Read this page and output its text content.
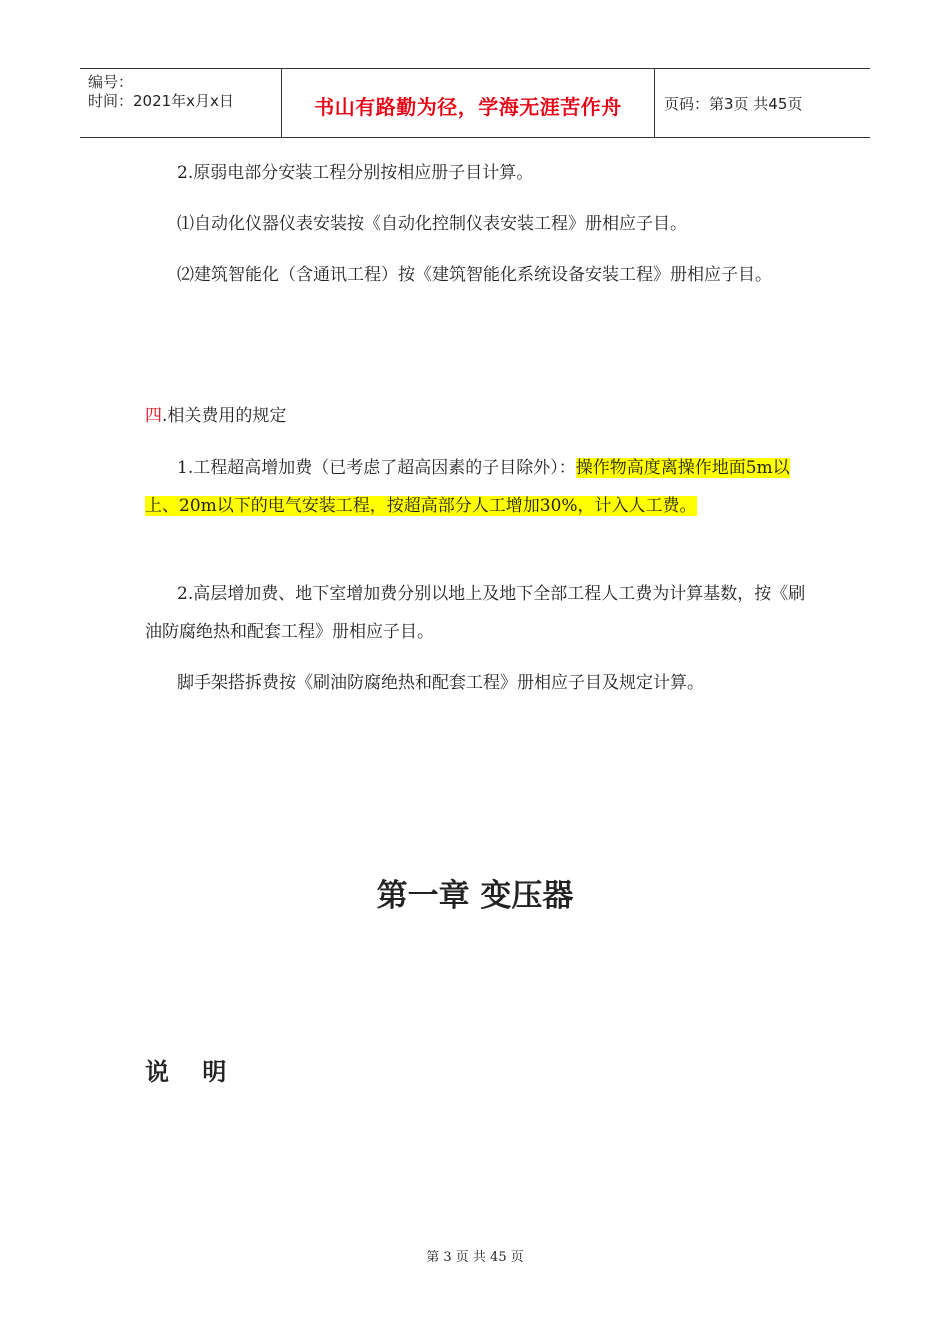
编号：
时间：2021年x月x日	书山有路勤为径，学海无涯苦作舟	页码：第3页 共45页
2.原弱电部分安装工程分别按相应册子目计算。
⑴自动化仪器仪表安装按《自动化控制仪表安装工程》册相应子目。
⑵建筑智能化（含通讯工程）按《建筑智能化系统设备安装工程》册相应子目。
四.相关费用的规定
1.工程超高增加费（已考虑了超高因素的子目除外）：操作物高度离操作地面5m以上、20m以下的电气安装工程，按超高部分人工增加30%，计入人工费。
2.高层增加费、地下室增加费分别以地上及地下全部工程人工费为计算基数，按《刷油防腐绝热和配套工程》册相应子目。
脚手架搭拆费按《刷油防腐绝热和配套工程》册相应子目及规定计算。
第一章 变压器
说    明
第 3 页 共 45 页
